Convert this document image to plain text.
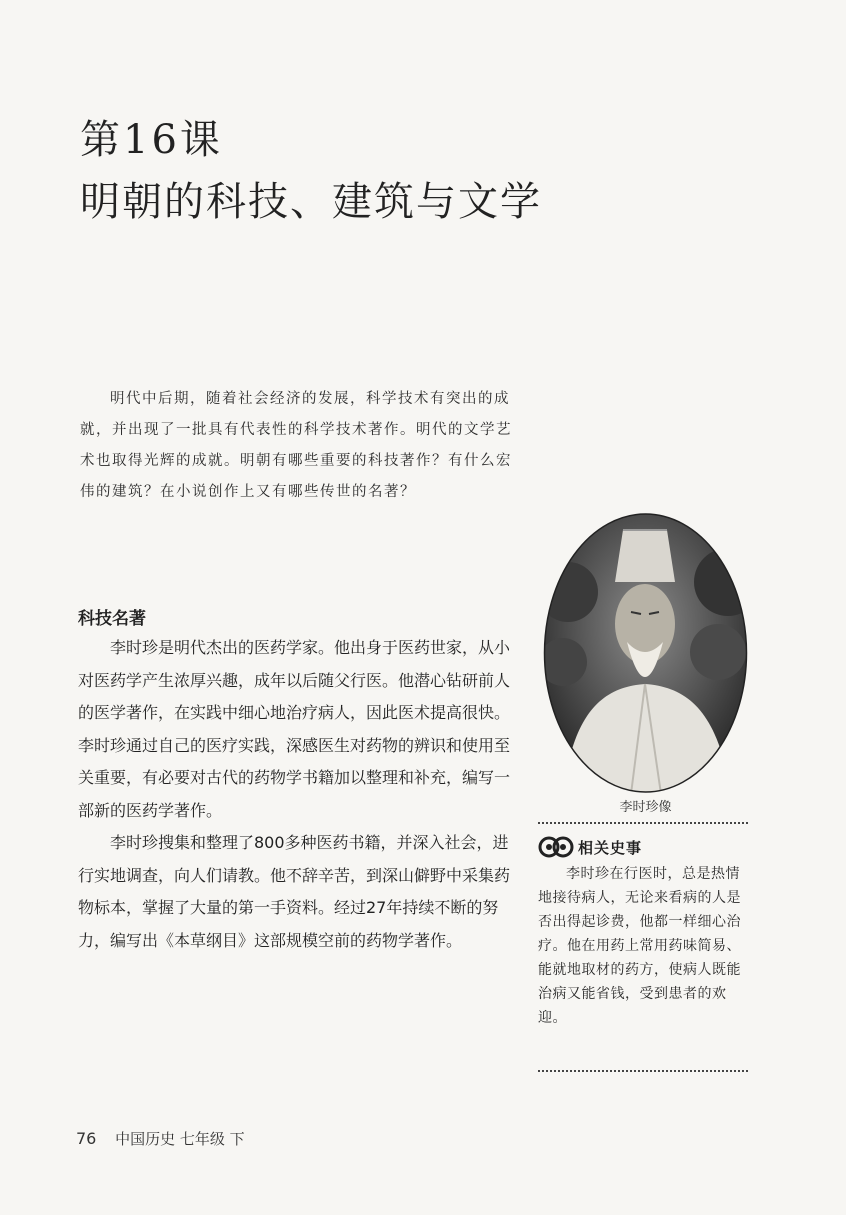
第16课
明朝的科技、建筑与文学
明代中后期，随着社会经济的发展，科学技术有突出的成就，并出现了一批具有代表性的科学技术著作。明代的文学艺术也取得光辉的成就。明朝有哪些重要的科技著作？有什么宏伟的建筑？在小说创作上又有哪些传世的名著？
科技名著

李时珍是明代杰出的医药学家。他出身于医药世家，从小对医药学产生浓厚兴趣，成年以后随父行医。他潜心钻研前人的医学著作，在实践中细心地治疗病人，因此医术提高很快。李时珍通过自己的医疗实践，深感医生对药物的辨识和使用至关重要，有必要对古代的药物学书籍加以整理和补充，编写一部新的医药学著作。

李时珍搜集和整理了800多种医药书籍，并深入社会，进行实地调查，向人们请教。他不辞辛苦，到深山僻野中采集药物标本，掌握了大量的第一手资料。经过27年持续不断的努力，编写出《本草纲目》这部规模空前的药物学著作。

李时珍像
相关史事
李时珍在行医时，总是热情地接待病人，无论来看病的人是否出得起诊费，他都一样细心治疗。他在用药上常用药味简易、能就地取材的药方，使病人既能治病又能省钱，受到患者的欢迎。
76 中国历史 七年级 下
